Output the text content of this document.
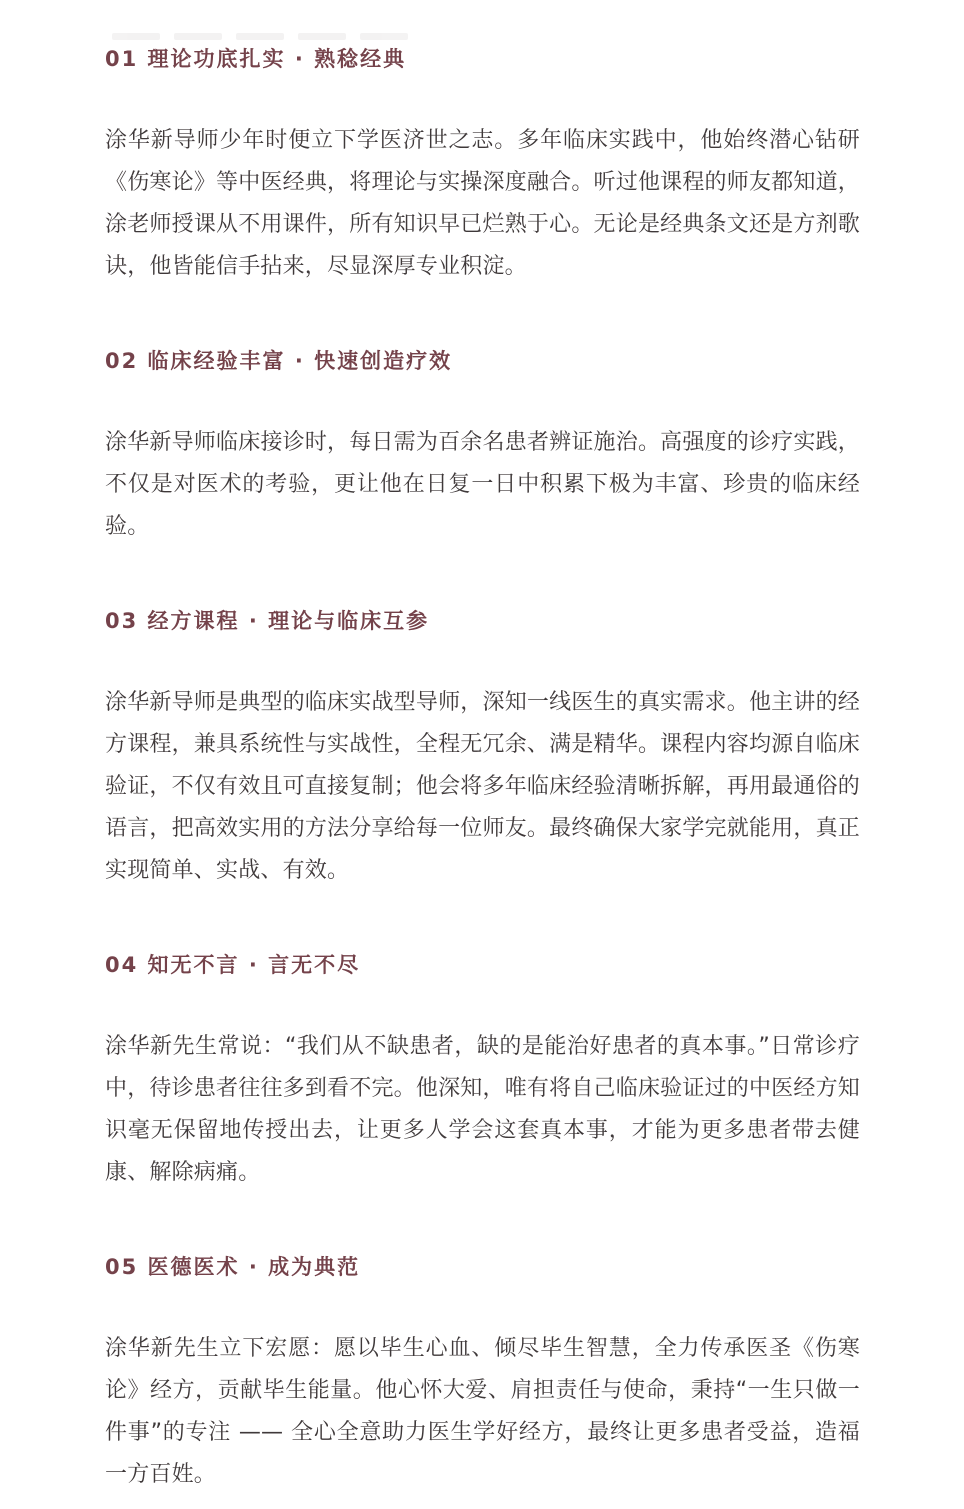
01 理论功底扎实 · 熟稔经典

涂华新导师少年时便立下学医济世之志。多年临床实践中，他始终潜心钻研《伤寒论》等中医经典，将理论与实操深度融合。听过他课程的师友都知道，涂老师授课从不用课件，所有知识早已烂熟于心。无论是经典条文还是方剂歌诀，他皆能信手拈来，尽显深厚专业积淀。

02 临床经验丰富 · 快速创造疗效

涂华新导师临床接诊时，每日需为百余名患者辨证施治。高强度的诊疗实践，不仅是对医术的考验，更让他在日复一日中积累下极为丰富、珍贵的临床经验。

03 经方课程 · 理论与临床互参

涂华新导师是典型的临床实战型导师，深知一线医生的真实需求。他主讲的经方课程，兼具系统性与实战性，全程无冗余、满是精华。课程内容均源自临床验证，不仅有效且可直接复制；他会将多年临床经验清晰拆解，再用最通俗的语言，把高效实用的方法分享给每一位师友。最终确保大家学完就能用，真正实现简单、实战、有效。

04 知无不言 · 言无不尽

涂华新先生常说：“我们从不缺患者，缺的是能治好患者的真本事。”日常诊疗中，待诊患者往往多到看不完。他深知，唯有将自己临床验证过的中医经方知识毫无保留地传授出去，让更多人学会这套真本事，才能为更多患者带去健康、解除病痛。

05 医德医术 · 成为典范

涂华新先生立下宏愿：愿以毕生心血、倾尽毕生智慧，全力传承医圣《伤寒论》经方，贡献毕生能量。他心怀大爱、肩担责任与使命，秉持“一生只做一件事”的专注 —— 全心全意助力医生学好经方，最终让更多患者受益，造福一方百姓。
